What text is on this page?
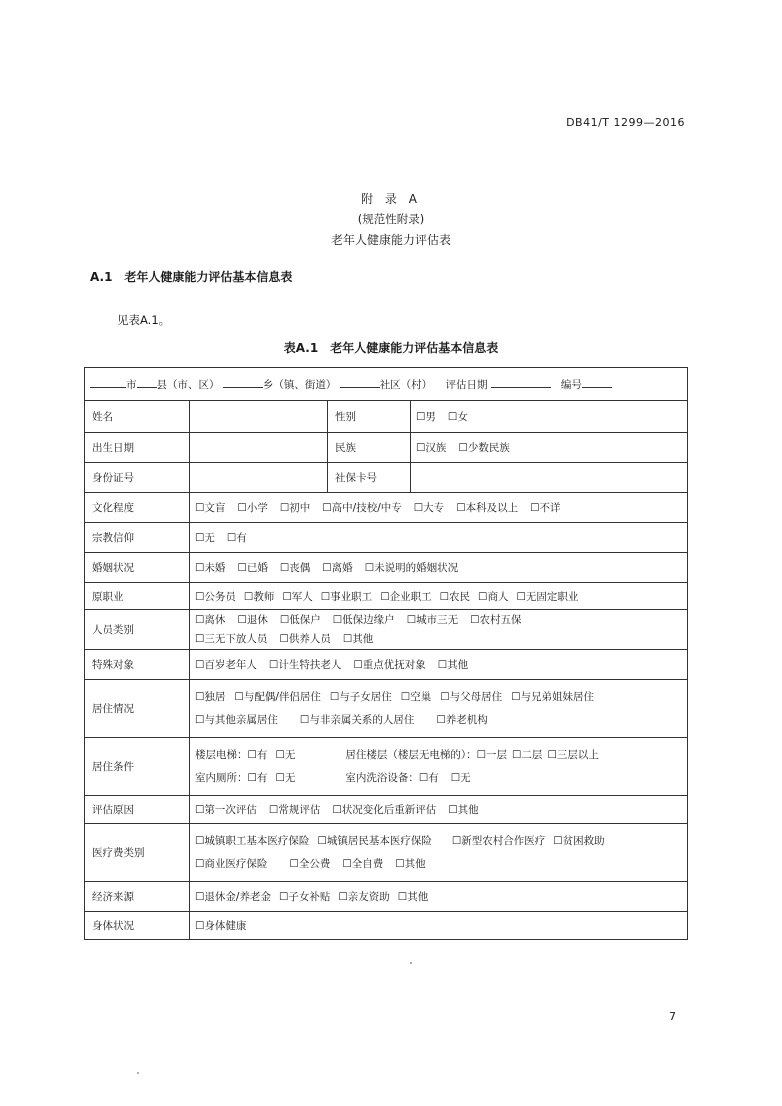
DB41/T 1299—2016
附 录 A
(规范性附录)
老年人健康能力评估表
A.1　老年人健康能力评估基本信息表
见表A.1。
表A.1　老年人健康能力评估基本信息表
市 县（市、区） 乡（镇、街道） 社区（村） 评估日期 编号			
姓名		性别	☐男 ☐女
出生日期		民族	☐汉族 ☐少数民族
身份证号		社保卡号	
文化程度	☐文盲 ☐小学 ☐初中 ☐高中/技校/中专 ☐大专 ☐本科及以上 ☐不详		
宗教信仰	☐无 ☐有		
婚姻状况	☐未婚 ☐已婚 ☐丧偶 ☐离婚 ☐未说明的婚姻状况		
原职业	☐公务员 ☐教师 ☐军人 ☐事业职工 ☐企业职工 ☐农民 ☐商人 ☐无固定职业		
人员类别	☐离休 ☐退休 ☐低保户 ☐低保边缘户 ☐城市三无 ☐农村五保
☐三无下放人员 ☐供养人员 ☐其他		

特殊对象	☐百岁老年人 ☐计生特扶老人 ☐重点优抚对象 ☐其他		
居住情况	☐独居 ☐与配偶/伴侣居住 ☐与子女居住 ☐空巢 ☐与父母居住 ☐与兄弟姐妹居住
☐与其他亲属居住 ☐与非亲属关系的人居住 ☐养老机构		

居住条件	楼层电梯：☐有 ☐无 居住楼层（楼层无电梯的）：☐一层 ☐二层 ☐三层以上
室内厕所：☐有 ☐无 室内洗浴设备：☐有 ☐无		

评估原因	☐第一次评估 ☐常规评估 ☐状况变化后重新评估 ☐其他		
医疗费类别	☐城镇职工基本医疗保险 ☐城镇居民基本医疗保险 ☐新型农村合作医疗 ☐贫困救助
☐商业医疗保险 ☐全公费 ☐全自费 ☐其他		

经济来源	☐退休金/养老金 ☐子女补贴 ☐亲友资助 ☐其他		
身体状况	☐身体健康		
7
